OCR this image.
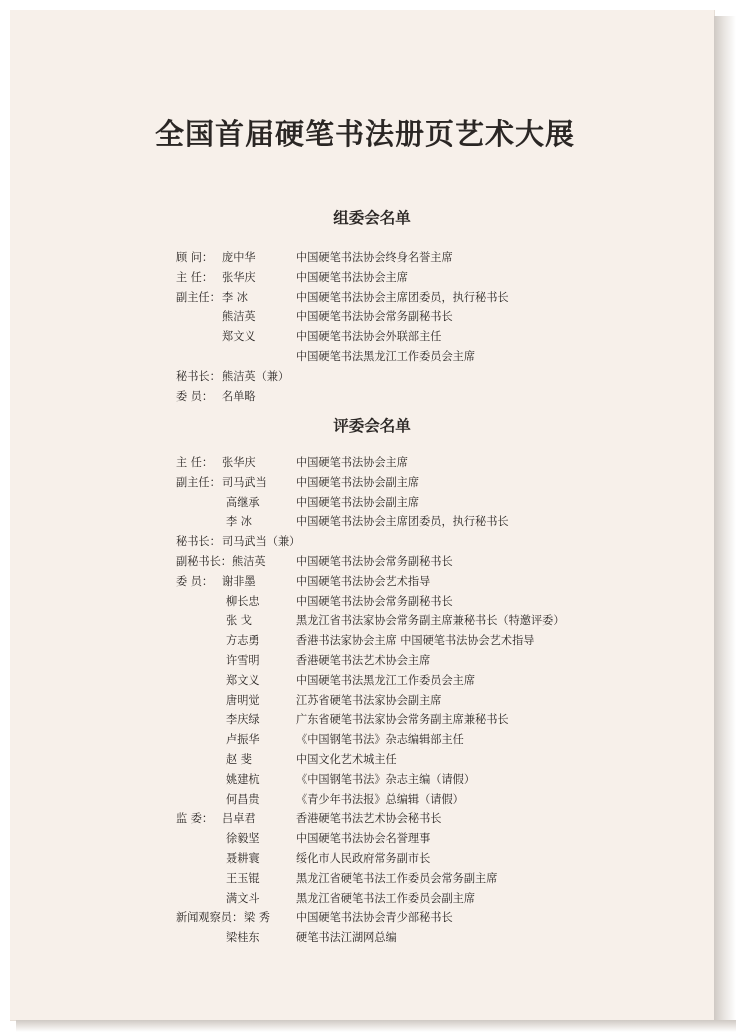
全国首届硬笔书法册页艺术大展
组委会名单
顾 问： 庞中华	中国硬笔书法协会终身名誉主席
主 任： 张华庆	中国硬笔书法协会主席
副主任： 李 冰	中国硬笔书法协会主席团委员，执行秘书长
熊洁英	中国硬笔书法协会常务副秘书长
郑文义	中国硬笔书法协会外联部主任
中国硬笔书法黑龙江工作委员会主席
秘书长： 熊洁英（兼）
委 员： 名单略
评委会名单
主 任： 张华庆	中国硬笔书法协会主席
副主任： 司马武当	中国硬笔书法协会副主席
高继承	中国硬笔书法协会副主席
李 冰	中国硬笔书法协会主席团委员，执行秘书长
秘书长： 司马武当（兼）
副秘书长： 熊洁英	中国硬笔书法协会常务副秘书长
委 员： 谢非墨	中国硬笔书法协会艺术指导
柳长忠	中国硬笔书法协会常务副秘书长
张 戈	黑龙江省书法家协会常务副主席兼秘书长（特邀评委）
方志勇	香港书法家协会主席 中国硬笔书法协会艺术指导
许雪明	香港硬笔书法艺术协会主席
郑文义	中国硬笔书法黑龙江工作委员会主席
唐明觉	江苏省硬笔书法家协会副主席
李庆绿	广东省硬笔书法家协会常务副主席兼秘书长
卢振华	《中国钢笔书法》杂志编辑部主任
赵 斐	中国文化艺术城主任
姚建杭	《中国钢笔书法》杂志主编（请假）
何昌贵	《青少年书法报》总编辑（请假）
监 委： 吕卓君	香港硬笔书法艺术协会秘书长
徐毅坚	中国硬笔书法协会名誉理事
聂耕寰	绥化市人民政府常务副市长
王玉锟	黑龙江省硬笔书法工作委员会常务副主席
满文斗	黑龙江省硬笔书法工作委员会副主席
新闻观察员： 梁 秀 中国硬笔书法协会青少部秘书长
梁桂东	硬笔书法江湖网总编
